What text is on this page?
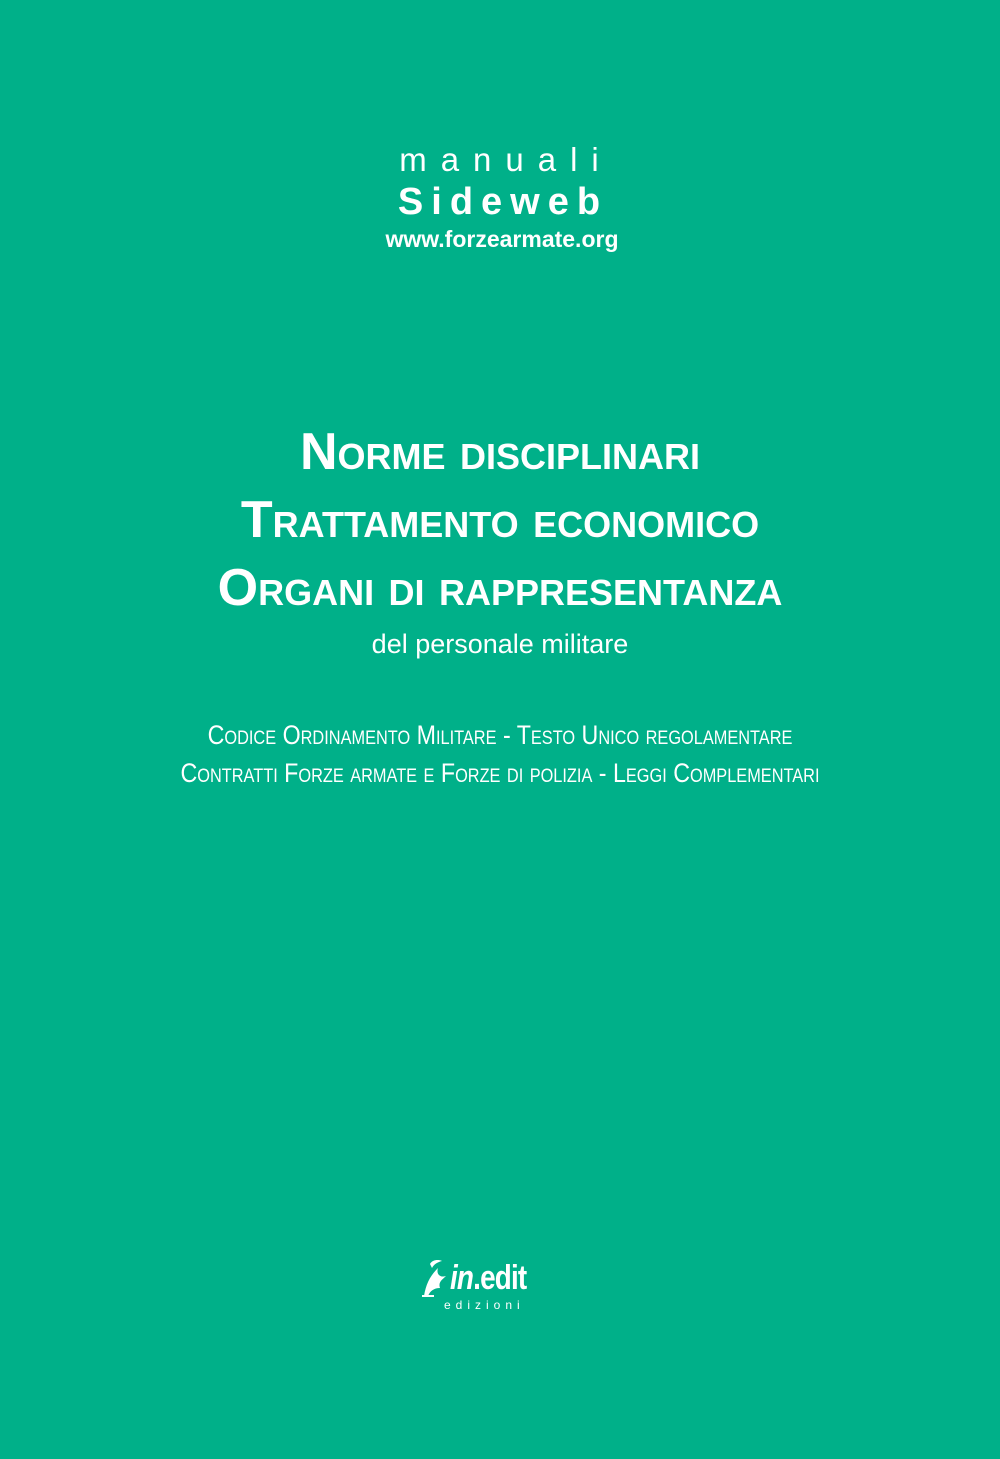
manuali
Sideweb
www.forzearmate.org
Norme disciplinari
Trattamento economico
Organi di rappresentanza
del personale militare
Codice Ordinamento Militare - Testo Unico regolamentare
Contratti Forze armate e Forze di polizia - Leggi Complementari
in.edit
edizioni
